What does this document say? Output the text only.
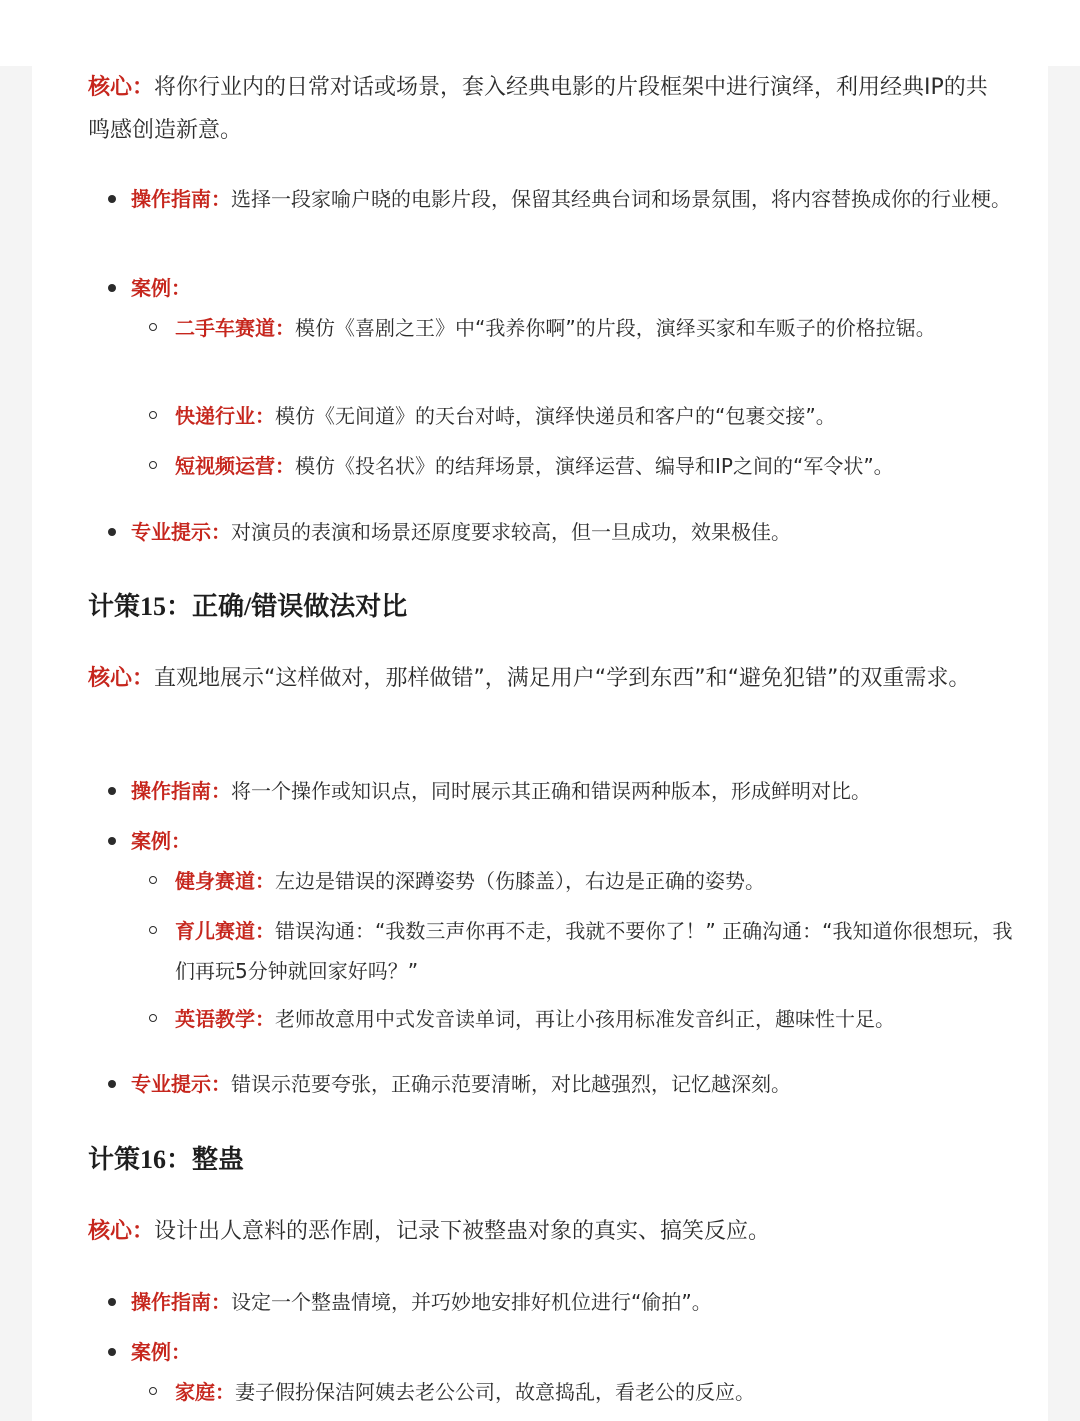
核心：将你行业内的日常对话或场景，套入经典电影的片段框架中进行演绎，利用经典IP的共鸣感创造新意。

操作指南：选择一段家喻户晓的电影片段，保留其经典台词和场景氛围，将内容替换成你的行业梗。

案例：

二手车赛道：模仿《喜剧之王》中“我养你啊”的片段，演绎买家和车贩子的价格拉锯。

快递行业：模仿《无间道》的天台对峙，演绎快递员和客户的“包裹交接”。

短视频运营：模仿《投名状》的结拜场景，演绎运营、编导和IP之间的“军令状”。

专业提示：对演员的表演和场景还原度要求较高，但一旦成功，效果极佳。

计策15：正确/错误做法对比

核心：直观地展示“这样做对，那样做错”，满足用户“学到东西”和“避免犯错”的双重需求。

操作指南：将一个操作或知识点，同时展示其正确和错误两种版本，形成鲜明对比。

案例：

健身赛道：左边是错误的深蹲姿势（伤膝盖），右边是正确的姿势。

育儿赛道：错误沟通：“我数三声你再不走，我就不要你了！” 正确沟通：“我知道你很想玩，我们再玩5分钟就回家好吗？”

英语教学：老师故意用中式发音读单词，再让小孩用标准发音纠正，趣味性十足。

专业提示：错误示范要夸张，正确示范要清晰，对比越强烈，记忆越深刻。

计策16：整蛊

核心：设计出人意料的恶作剧，记录下被整蛊对象的真实、搞笑反应。

操作指南：设定一个整蛊情境，并巧妙地安排好机位进行“偷拍”。

案例：

家庭：妻子假扮保洁阿姨去老公公司，故意捣乱，看老公的反应。
